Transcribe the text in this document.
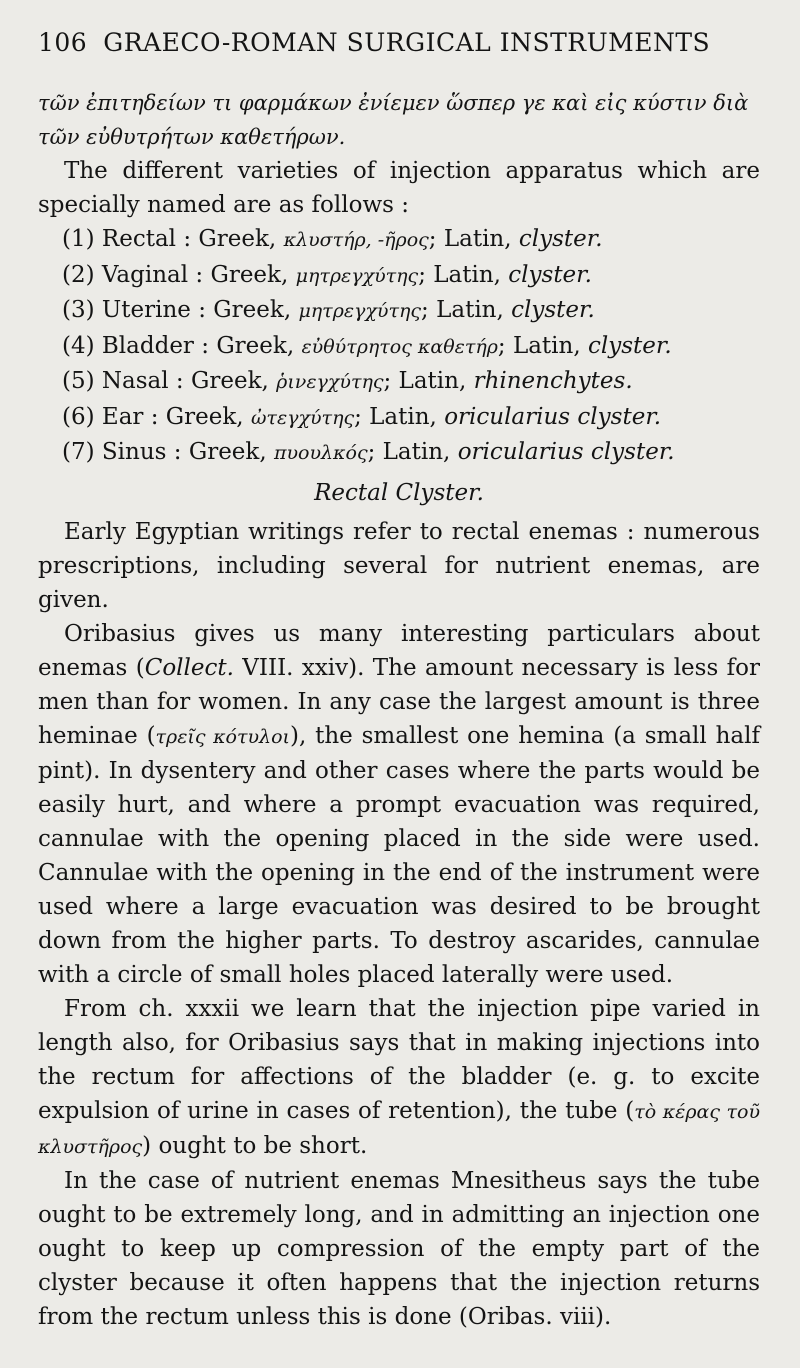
106 GRAECO-ROMAN SURGICAL INSTRUMENTS

τῶν ἐπιτηδείων τι φαρμάκων ἐνίεμεν ὥσπερ γε καὶ εἰς κύστιν διὰ τῶν εὐθυτρήτων καθετήρων.

The different varieties of injection apparatus which are specially named are as follows :

(1) Rectal : Greek, κλυστήρ, -ῆρος; Latin, clyster.
(2) Vaginal : Greek, μητρεγχύτης; Latin, clyster.
(3) Uterine : Greek, μητρεγχύτης; Latin, clyster.
(4) Bladder : Greek, εὐθύτρητος καθετήρ; Latin, clyster.
(5) Nasal : Greek, ῥινεγχύτης; Latin, rhinenchytes.
(6) Ear : Greek, ὠτεγχύτης; Latin, oricularius clyster.
(7) Sinus : Greek, πυουλκός; Latin, oricularius clyster.
Rectal Clyster.

Early Egyptian writings refer to rectal enemas : numerous prescriptions, including several for nutrient enemas, are given.

Oribasius gives us many interesting particulars about enemas (Collect. VIII. xxiv). The amount necessary is less for men than for women. In any case the largest amount is three heminae (τρεῖς κότυλοι), the smallest one hemina (a small half pint). In dysentery and other cases where the parts would be easily hurt, and where a prompt evacuation was required, cannulae with the opening placed in the side were used. Cannulae with the opening in the end of the instrument were used where a large evacuation was desired to be brought down from the higher parts. To destroy ascarides, cannulae with a circle of small holes placed laterally were used.

From ch. xxxii we learn that the injection pipe varied in length also, for Oribasius says that in making injections into the rectum for affections of the bladder (e. g. to excite expulsion of urine in cases of retention), the tube (τὸ κέρας τοῦ κλυστῆρος) ought to be short.

In the case of nutrient enemas Mnesitheus says the tube ought to be extremely long, and in admitting an injection one ought to keep up compression of the empty part of the clyster because it often happens that the injection returns from the rectum unless this is done (Oribas. viii).
